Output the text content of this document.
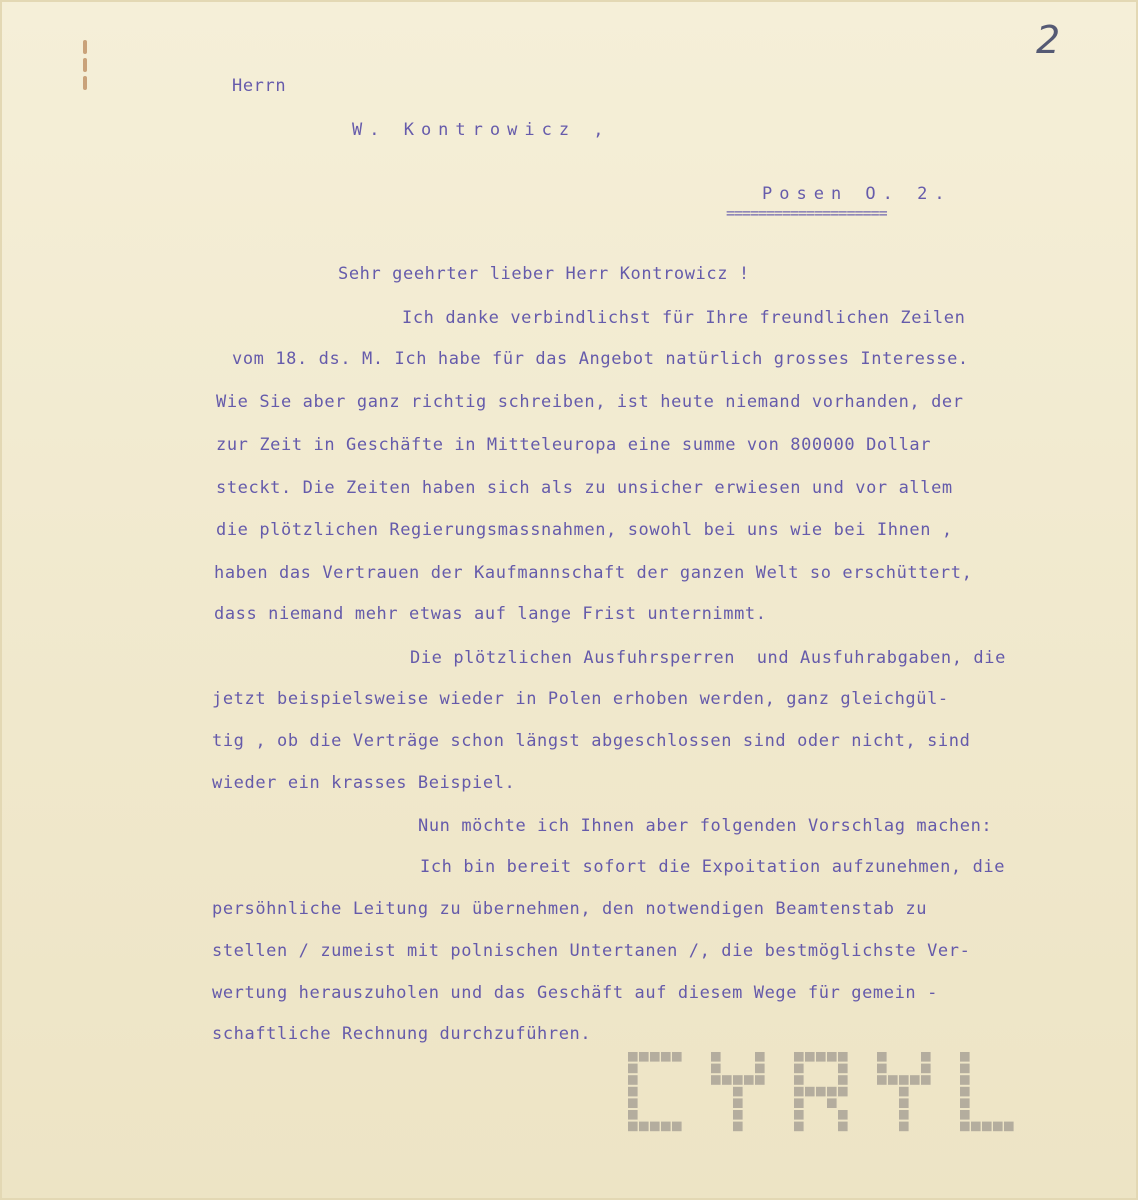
2
Herrn
W. Kontrowicz ,
Posen O. 2.
====================
Sehr geehrter lieber Herr Kontrowicz !
Ich danke verbindlichst für Ihre freundlichen Zeilen
vom 18. ds. M. Ich habe für das Angebot natürlich grosses Interesse.
Wie Sie aber ganz richtig schreiben, ist heute niemand vorhanden, der
zur Zeit in Geschäfte in Mitteleuropa eine summe von 800000 Dollar
steckt. Die Zeiten haben sich als zu unsicher erwiesen und vor allem
die plötzlichen Regierungsmassnahmen, sowohl bei uns wie bei Ihnen ,
haben das Vertrauen der Kaufmannschaft der ganzen Welt so erschüttert,
dass niemand mehr etwas auf lange Frist unternimmt.
Die plötzlichen Ausfuhrsperren  und Ausfuhrabgaben, die
jetzt beispielsweise wieder in Polen erhoben werden, ganz gleichgül-
tig , ob die Verträge schon längst abgeschlossen sind oder nicht, sind
wieder ein krasses Beispiel.
Nun möchte ich Ihnen aber folgenden Vorschlag machen:
Ich bin bereit sofort die Expoitation aufzunehmen, die
persöhnliche Leitung zu übernehmen, den notwendigen Beamtenstab zu
stellen / zumeist mit polnischen Untertanen /, die bestmöglichste Ver-
wertung herauszuholen und das Geschäft auf diesem Wege für gemein -
schaftliche Rechnung durchzuführen.
